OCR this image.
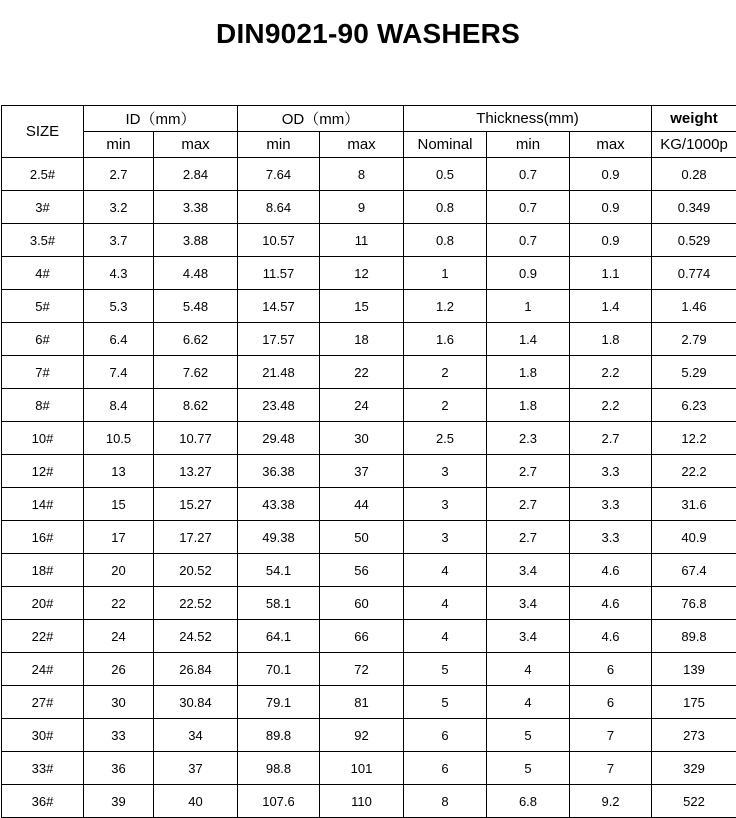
DIN9021-90 WASHERS
SIZE	ID（mm）		OD（mm）		Thickness(mm)			weight
	min	max	min	max	Nominal	min	max	KG/1000p
2.5#	2.7	2.84	7.64	8	0.5	0.7	0.9	0.28
3#	3.2	3.38	8.64	9	0.8	0.7	0.9	0.349
3.5#	3.7	3.88	10.57	11	0.8	0.7	0.9	0.529
4#	4.3	4.48	11.57	12	1	0.9	1.1	0.774
5#	5.3	5.48	14.57	15	1.2	1	1.4	1.46
6#	6.4	6.62	17.57	18	1.6	1.4	1.8	2.79
7#	7.4	7.62	21.48	22	2	1.8	2.2	5.29
8#	8.4	8.62	23.48	24	2	1.8	2.2	6.23
10#	10.5	10.77	29.48	30	2.5	2.3	2.7	12.2
12#	13	13.27	36.38	37	3	2.7	3.3	22.2
14#	15	15.27	43.38	44	3	2.7	3.3	31.6
16#	17	17.27	49.38	50	3	2.7	3.3	40.9
18#	20	20.52	54.1	56	4	3.4	4.6	67.4
20#	22	22.52	58.1	60	4	3.4	4.6	76.8
22#	24	24.52	64.1	66	4	3.4	4.6	89.8
24#	26	26.84	70.1	72	5	4	6	139
27#	30	30.84	79.1	81	5	4	6	175
30#	33	34	89.8	92	6	5	7	273
33#	36	37	98.8	101	6	5	7	329
36#	39	40	107.6	110	8	6.8	9.2	522
